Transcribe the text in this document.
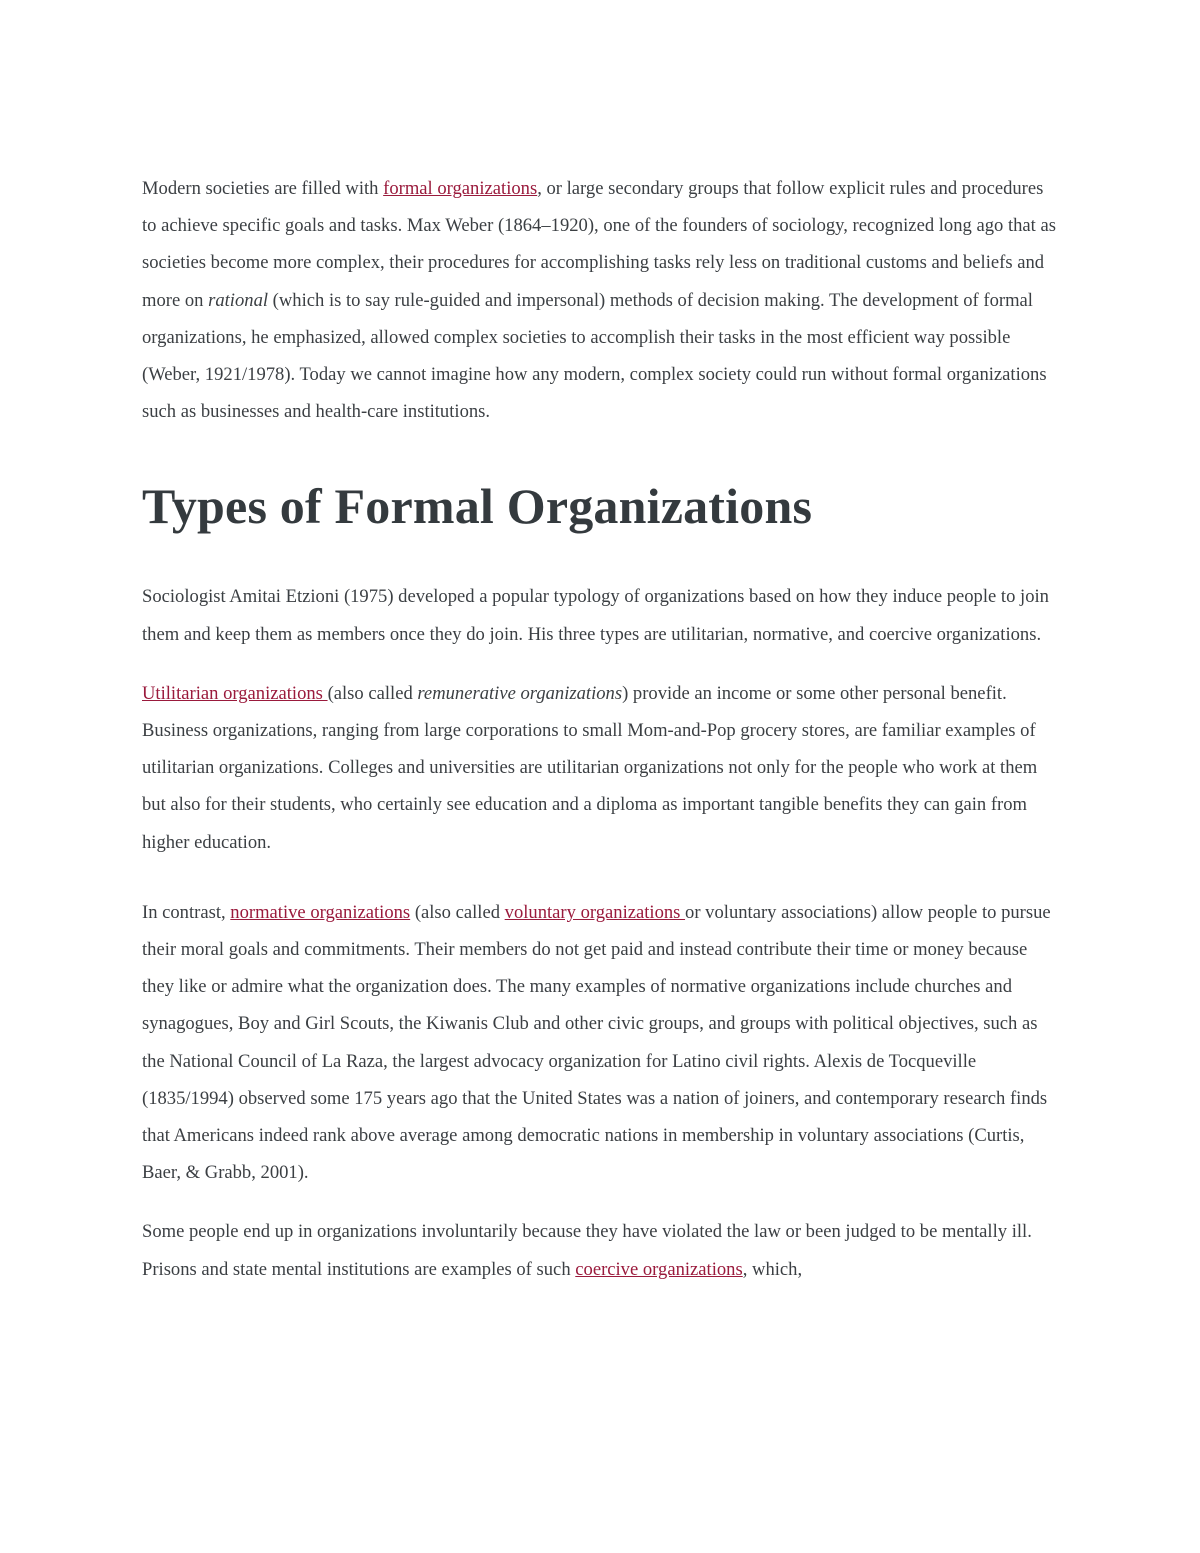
Modern societies are filled with formal organizations, or large secondary groups that follow explicit rules and procedures to achieve specific goals and tasks. Max Weber (1864–1920), one of the founders of sociology, recognized long ago that as societies become more complex, their procedures for accomplishing tasks rely less on traditional customs and beliefs and more on rational (which is to say rule-guided and impersonal) methods of decision making. The development of formal organizations, he emphasized, allowed complex societies to accomplish their tasks in the most efficient way possible (Weber, 1921/1978). Today we cannot imagine how any modern, complex society could run without formal organizations such as businesses and health-care institutions.

Types of Formal Organizations

Sociologist Amitai Etzioni (1975) developed a popular typology of organizations based on how they induce people to join them and keep them as members once they do join. His three types are utilitarian, normative, and coercive organizations.

Utilitarian organizations (also called remunerative organizations) provide an income or some other personal benefit. Business organizations, ranging from large corporations to small Mom-and-Pop grocery stores, are familiar examples of utilitarian organizations. Colleges and universities are utilitarian organizations not only for the people who work at them but also for their students, who certainly see education and a diploma as important tangible benefits they can gain from higher education.

In contrast, normative organizations (also called voluntary organizations or voluntary associations) allow people to pursue their moral goals and commitments. Their members do not get paid and instead contribute their time or money because they like or admire what the organization does. The many examples of normative organizations include churches and synagogues, Boy and Girl Scouts, the Kiwanis Club and other civic groups, and groups with political objectives, such as the National Council of La Raza, the largest advocacy organization for Latino civil rights. Alexis de Tocqueville (1835/1994) observed some 175 years ago that the United States was a nation of joiners, and contemporary research finds that Americans indeed rank above average among democratic nations in membership in voluntary associations (Curtis, Baer, & Grabb, 2001).

Some people end up in organizations involuntarily because they have violated the law or been judged to be mentally ill. Prisons and state mental institutions are examples of such coercive organizations, which,
